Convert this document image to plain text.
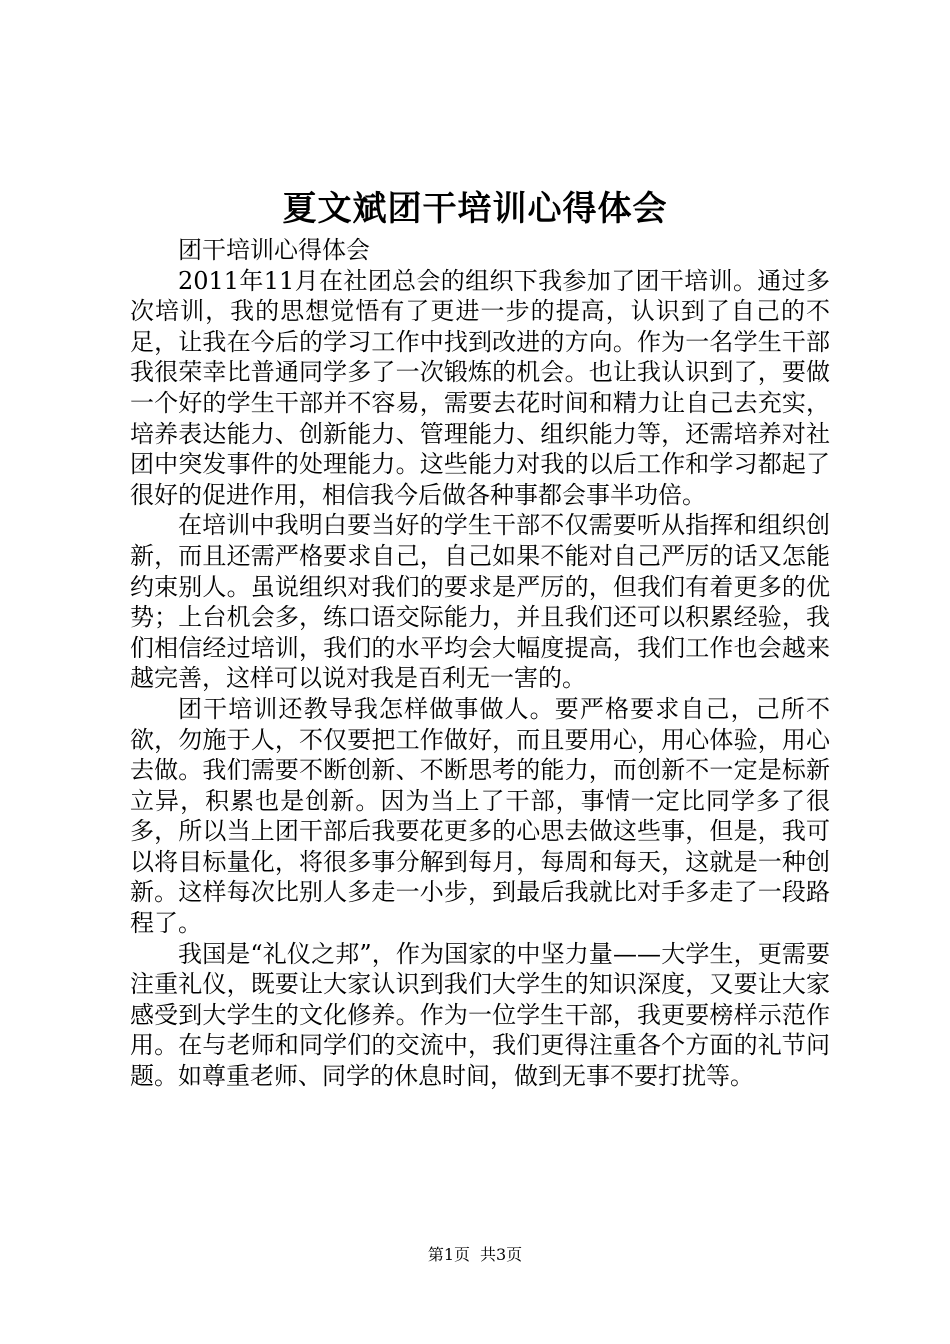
夏文斌团干培训心得体会

团干培训心得体会

2011年11月在社团总会的组织下我参加了团干培训。通过多次培训，我的思想觉悟有了更进一步的提高，认识到了自己的不足，让我在今后的学习工作中找到改进的方向。作为一名学生干部我很荣幸比普通同学多了一次锻炼的机会。也让我认识到了，要做一个好的学生干部并不容易，需要去花时间和精力让自己去充实，培养表达能力、创新能力、管理能力、组织能力等，还需培养对社团中突发事件的处理能力。这些能力对我的以后工作和学习都起了很好的促进作用，相信我今后做各种事都会事半功倍。

在培训中我明白要当好的学生干部不仅需要听从指挥和组织创新，而且还需严格要求自己，自己如果不能对自己严厉的话又怎能约束别人。虽说组织对我们的要求是严厉的，但我们有着更多的优势；上台机会多，练口语交际能力，并且我们还可以积累经验，我们相信经过培训，我们的水平均会大幅度提高，我们工作也会越来越完善，这样可以说对我是百利无一害的。

团干培训还教导我怎样做事做人。要严格要求自己，己所不欲，勿施于人，不仅要把工作做好，而且要用心，用心体验，用心去做。我们需要不断创新、不断思考的能力，而创新不一定是标新立异，积累也是创新。因为当上了干部，事情一定比同学多了很多，所以当上团干部后我要花更多的心思去做这些事，但是，我可以将目标量化，将很多事分解到每月，每周和每天，这就是一种创新。这样每次比别人多走一小步，到最后我就比对手多走了一段路程了。

我国是“礼仪之邦”，作为国家的中坚力量——大学生，更需要注重礼仪，既要让大家认识到我们大学生的知识深度，又要让大家感受到大学生的文化修养。作为一位学生干部，我更要榜样示范作用。在与老师和同学们的交流中，我们更得注重各个方面的礼节问题。如尊重老师、同学的休息时间，做到无事不要打扰等。

第1页 共3页
